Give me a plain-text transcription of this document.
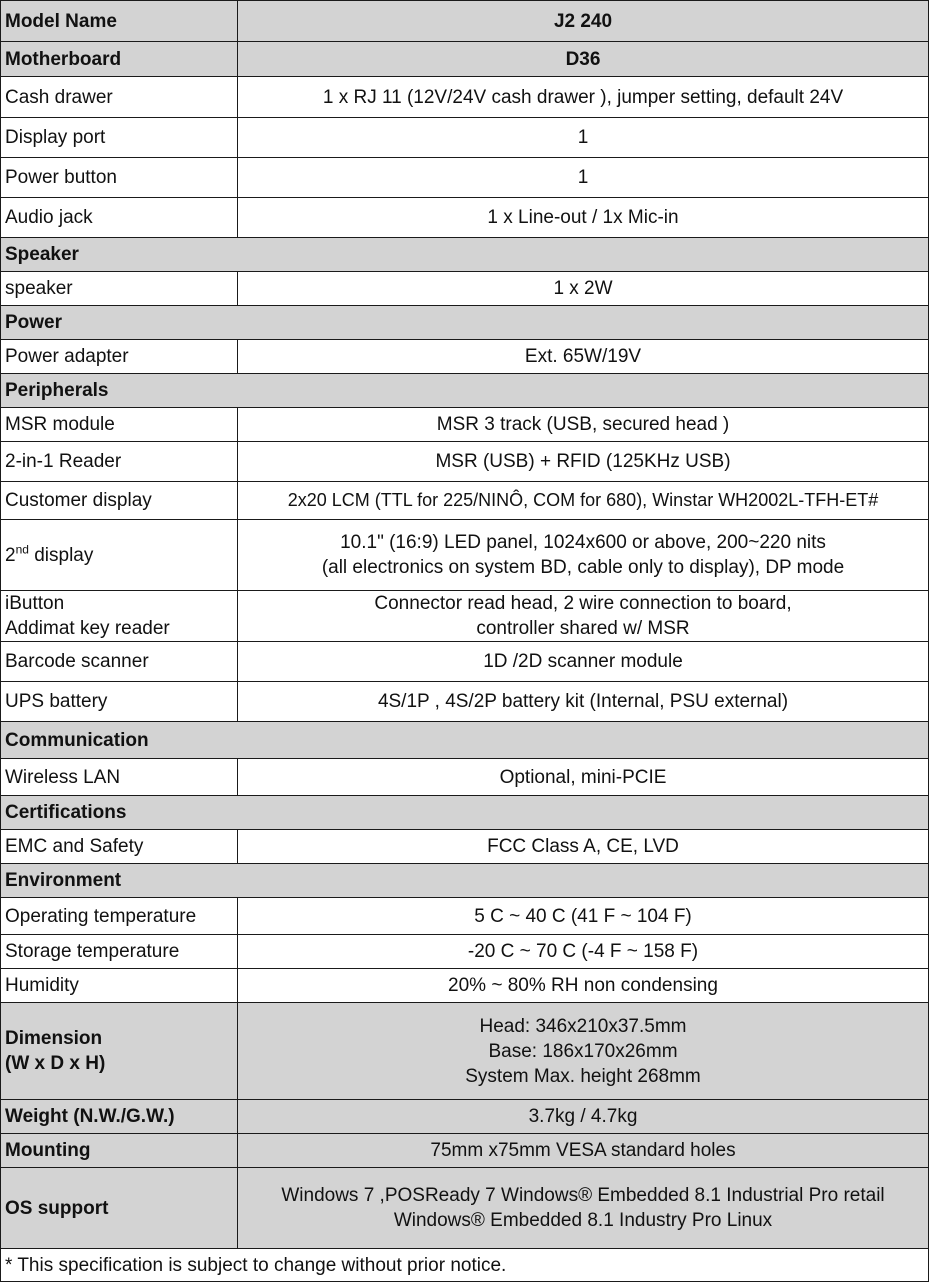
Model Name	J2 240
Motherboard	D36
Cash drawer	1 x RJ 11 (12V/24V cash drawer ), jumper setting, default 24V
Display port	1
Power button	1
Audio jack	1 x Line-out / 1x Mic-in
Speaker	
speaker	1 x 2W
Power	
Power adapter	Ext. 65W/19V
Peripherals	
MSR module	MSR 3 track (USB, secured head )
2-in-1 Reader	MSR (USB) + RFID (125KHz USB)
Customer display	2x20 LCM (TTL for 225/NINÔ, COM for 680), Winstar WH2002L-TFH-ET#
2nd display	10.1" (16:9) LED panel, 1024x600 or above, 200~220 nits
(all electronics on system BD, cable only to display), DP mode

iButton
Addimat key reader	Connector read head, 2 wire connection to board,
controller shared w/ MSR

Barcode scanner	1D /2D scanner module
UPS battery	4S/1P , 4S/2P battery kit (Internal, PSU external)
Communication	
Wireless LAN	Optional, mini-PCIE
Certifications	
EMC and Safety	FCC Class A, CE, LVD
Environment	
Operating temperature	5 C ~ 40 C (41 F ~ 104 F)
Storage temperature	-20 C ~ 70 C (-4 F ~ 158 F)
Humidity	20% ~ 80% RH non condensing

Dimension
(W x D x H)	Head: 346x210x37.5mm
Base: 186x170x26mm
System Max. height 268mm

Weight (N.W./G.W.)	3.7kg / 4.7kg
Mounting	75mm x75mm VESA standard holes
OS support	Windows 7 ,POSReady 7 Windows® Embedded 8.1 Industrial Pro retail
Windows® Embedded 8.1 Industry Pro Linux

* This specification is subject to change without prior notice.	
